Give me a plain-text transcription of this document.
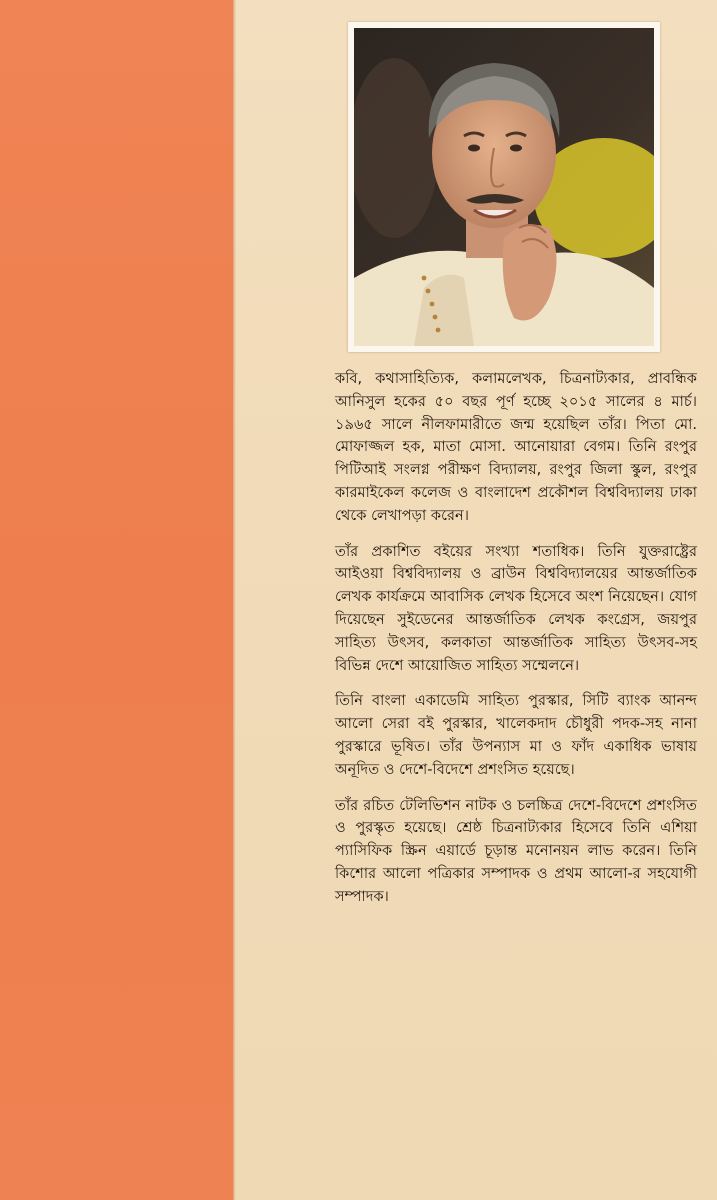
কবি, কথাসাহিত্যিক, কলামলেখক, চিত্রনাট্যকার, প্রাবন্ধিক আনিসুল হকের ৫০ বছর পূর্ণ হচ্ছে ২০১৫ সালের ৪ মার্চ। ১৯৬৫ সালে নীলফামারীতে জন্ম হয়েছিল তাঁর। পিতা মো. মোফাজ্জল হক, মাতা মোসা. আনোয়ারা বেগম। তিনি রংপুর পিটিআই সংলগ্ন পরীক্ষণ বিদ্যালয়, রংপুর জিলা স্কুল, রংপুর কারমাইকেল কলেজ ও বাংলাদেশ প্রকৌশল বিশ্ববিদ্যালয় ঢাকা থেকে লেখাপড়া করেন।

তাঁর প্রকাশিত বইয়ের সংখ্যা শতাধিক। তিনি যুক্তরাষ্ট্রের আইওয়া বিশ্ববিদ্যালয় ও ব্রাউন বিশ্ববিদ্যালয়ের আন্তর্জাতিক লেখক কার্যক্রমে আবাসিক লেখক হিসেবে অংশ নিয়েছেন। যোগ দিয়েছেন সুইডেনের আন্তর্জাতিক লেখক কংগ্রেস, জয়পুর সাহিত্য উৎসব, কলকাতা আন্তর্জাতিক সাহিত্য উৎসব-সহ বিভিন্ন দেশে আয়োজিত সাহিত্য সম্মেলনে।

তিনি বাংলা একাডেমি সাহিত্য পুরস্কার, সিটি ব্যাংক আনন্দ আলো সেরা বই পুরস্কার, খালেকদাদ চৌধুরী পদক-সহ নানা পুরস্কারে ভূষিত। তাঁর উপন্যাস মা ও ফাঁদ একাধিক ভাষায় অনূদিত ও দেশে-বিদেশে প্রশংসিত হয়েছে।

তাঁর রচিত টেলিভিশন নাটক ও চলচ্চিত্র দেশে-বিদেশে প্রশংসিত ও পুরস্কৃত হয়েছে। শ্রেষ্ঠ চিত্রনাট্যকার হিসেবে তিনি এশিয়া প্যাসিফিক স্ক্রিন এয়ার্ডে চূড়ান্ত মনোনয়ন লাভ করেন। তিনি কিশোর আলো পত্রিকার সম্পাদক ও প্রথম আলো-র সহযোগী সম্পাদক।
